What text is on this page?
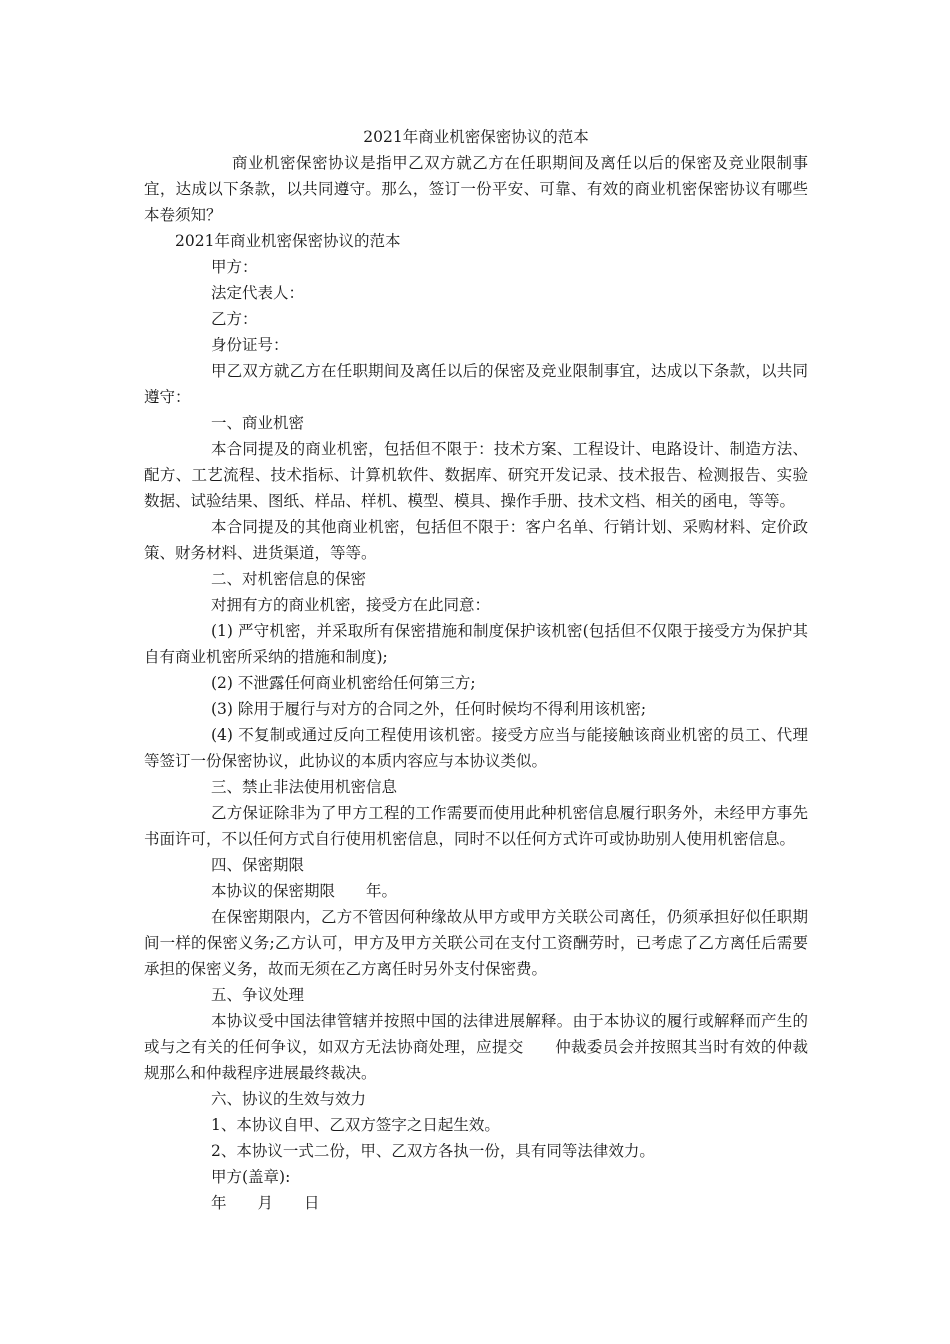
2021年商业机密保密协议的范本

商业机密保密协议是指甲乙双方就乙方在任职期间及离任以后的保密及竞业限制事宜，达成以下条款，以共同遵守。那么，签订一份平安、可靠、有效的商业机密保密协议有哪些本卷须知？

2021年商业机密保密协议的范本

甲方：

法定代表人：

乙方：

身份证号：

甲乙双方就乙方在任职期间及离任以后的保密及竞业限制事宜，达成以下条款，以共同遵守：

一、商业机密

本合同提及的商业机密，包括但不限于：技术方案、工程设计、电路设计、制造方法、配方、工艺流程、技术指标、计算机软件、数据库、研究开发记录、技术报告、检测报告、实验数据、试验结果、图纸、样品、样机、模型、模具、操作手册、技术文档、相关的函电，等等。

本合同提及的其他商业机密，包括但不限于：客户名单、行销计划、采购材料、定价政策、财务材料、进货渠道，等等。

二、对机密信息的保密

对拥有方的商业机密，接受方在此同意：

(1) 严守机密，并采取所有保密措施和制度保护该机密(包括但不仅限于接受方为保护其自有商业机密所采纳的措施和制度);

(2) 不泄露任何商业机密给任何第三方;

(3) 除用于履行与对方的合同之外，任何时候均不得利用该机密;

(4) 不复制或通过反向工程使用该机密。接受方应当与能接触该商业机密的员工、代理等签订一份保密协议，此协议的本质内容应与本协议类似。

三、禁止非法使用机密信息

乙方保证除非为了甲方工程的工作需要而使用此种机密信息履行职务外，未经甲方事先书面许可，不以任何方式自行使用机密信息，同时不以任何方式许可或协助别人使用机密信息。

四、保密期限

本协议的保密期限　　年。

在保密期限内，乙方不管因何种缘故从甲方或甲方关联公司离任，仍须承担好似任职期间一样的保密义务;乙方认可，甲方及甲方关联公司在支付工资酬劳时，已考虑了乙方离任后需要承担的保密义务，故而无须在乙方离任时另外支付保密费。

五、争议处理

本协议受中国法律管辖并按照中国的法律进展解释。由于本协议的履行或解释而产生的或与之有关的任何争议，如双方无法协商处理，应提交　　仲裁委员会并按照其当时有效的仲裁规那么和仲裁程序进展最终裁决。

六、协议的生效与效力

1、本协议自甲、乙双方签字之日起生效。

2、本协议一式二份，甲、乙双方各执一份，具有同等法律效力。

甲方(盖章):

年　　月　　日
